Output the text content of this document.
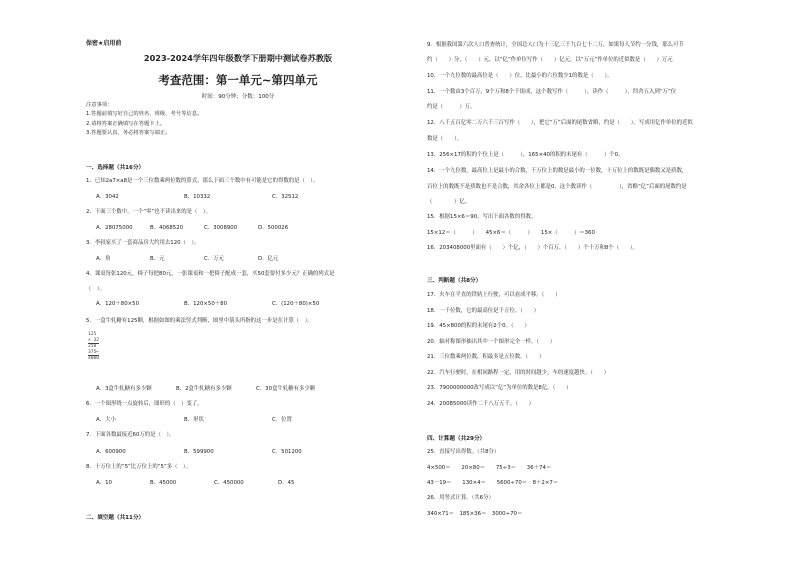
保密★启用前
2023-2024学年四年级数学下册期中测试卷苏教版
考查范围：第一单元~第四单元
时间：90分钟；分数：100分
注意事项：
1.答题前填写好自己的姓名、班级、考号等信息。
2.请将答案正确填写在答题卡上。
3.答题要认真，务必将答案写端正。
一、选择题（共16分）
1．已知2a7×a8是一个三位数乘两位数的算式，那么下面三个数中有可能是它的得数的是（　）。
A．3042	B．10332	C．32512
2．下面三个数中，一个“零”也不读出来的是（　）。
A．28075000	B．4068520	C．3008900	D．500026
3．李叔家买了一套商品房大约用去120（　）。
A．角	B．元	C．万元	D．亿元
4．课桌每张120元，椅子每把80元，一张课桌和一把椅子配成一套，买50套要付多少元？正确的列式是
（　）。
A．120＋80×50	B．120×50＋80	C．(120＋80)×50
5．一盒牛轧糖有125颗，根据如图的乘法竖式判断，图里中箭头所指的这一步是在计算（　）。
125
× 32
250
375←
4000
A．3盒牛轧糖有多少颗	B．2盒牛轧糖有多少颗	C．30盒牛轧糖有多少颗
6．一个图形绕一点旋转后，图形的（　）变了。
A．大小	B．形状	C．位置
7．下面各数最接近60万的是（　）。
A．600900	B．599900	C．501200
8．十万位上的“5”比万位上的“5”多（　）。
A．10	B．45000	C．450000	D．45
二、填空题（共11分）
9．根据我国第六次人口普查统计，全国总人口为十三亿三千九百七十二万，如果每人节约一分钱，那么可节
约（　　）分，（　　）元，以“亿”作单位写作（　　）亿元，以“万元”作单位的近似数是（　　）万元
10．一个九位数的最高位是（　　）位，比最小的六位数少1的数是（　　）。
11．一个数由3个百万、9个万和8个千组成，这个数写作（　　　），读作（　　　），四舍五入到“万”位
约是（　　　）万。
12．八千五百亿零二万六千三百写作（　　），把它“万”后面的尾数省略，约是（　　）。写成用亿作单位的近似
数是（　　）。
13．256×17的积的个位上是（　　　），165×40的积的末尾有（　　　）个0。
14．一个九位数，最高位上是最小的合数，千万位上的数是最小的一位数，十万位上的数既是偶数又是质数，
百位上的数既不是质数也不是合数，其余各位上都是0，这个数读作（　　　　　），省略“亿”后面的尾数约是
（　　　　）亿。
15．根据15×6＝90，写出下面各数的得数。
15×12＝（　　　）　　45×6＝（　　　）　　15×（　　　）＝360
16．203408000里面有（　　）个亿，（　　）个百万，（　　）个十万和8个（　　）。
三、判断题（共8分）
17．火车在平直的铁轨上行驶，可以看成平移。（　　）
18．一千位数，它的最高位是千万位。（　　）
19．45×800的积的末尾有2个0。（　　）
20．轴对称图形抽出其中一个图形完全一样。（　　）
21．三位数乘两位数，积最多是五位数。（　　）
22．汽车行驶时，在相同路程一定，用的时间越少，车的速度越快。（　　）
23．7900000000改写成以“亿”为单位的数是8亿。（　　）
24．20085000读作二千八万五千。（　　）
四、计算题（共29分）
25．直接写出得数。（共8分）
4×500＝　　20×80＝　　75÷3＝　　36＋74＝
43－19＝　　130×4＝　　5600÷70＝　8＋2×7＝
26．用竖式计算。（共6分）
340×71＝　185×36＝　3000÷70＝
